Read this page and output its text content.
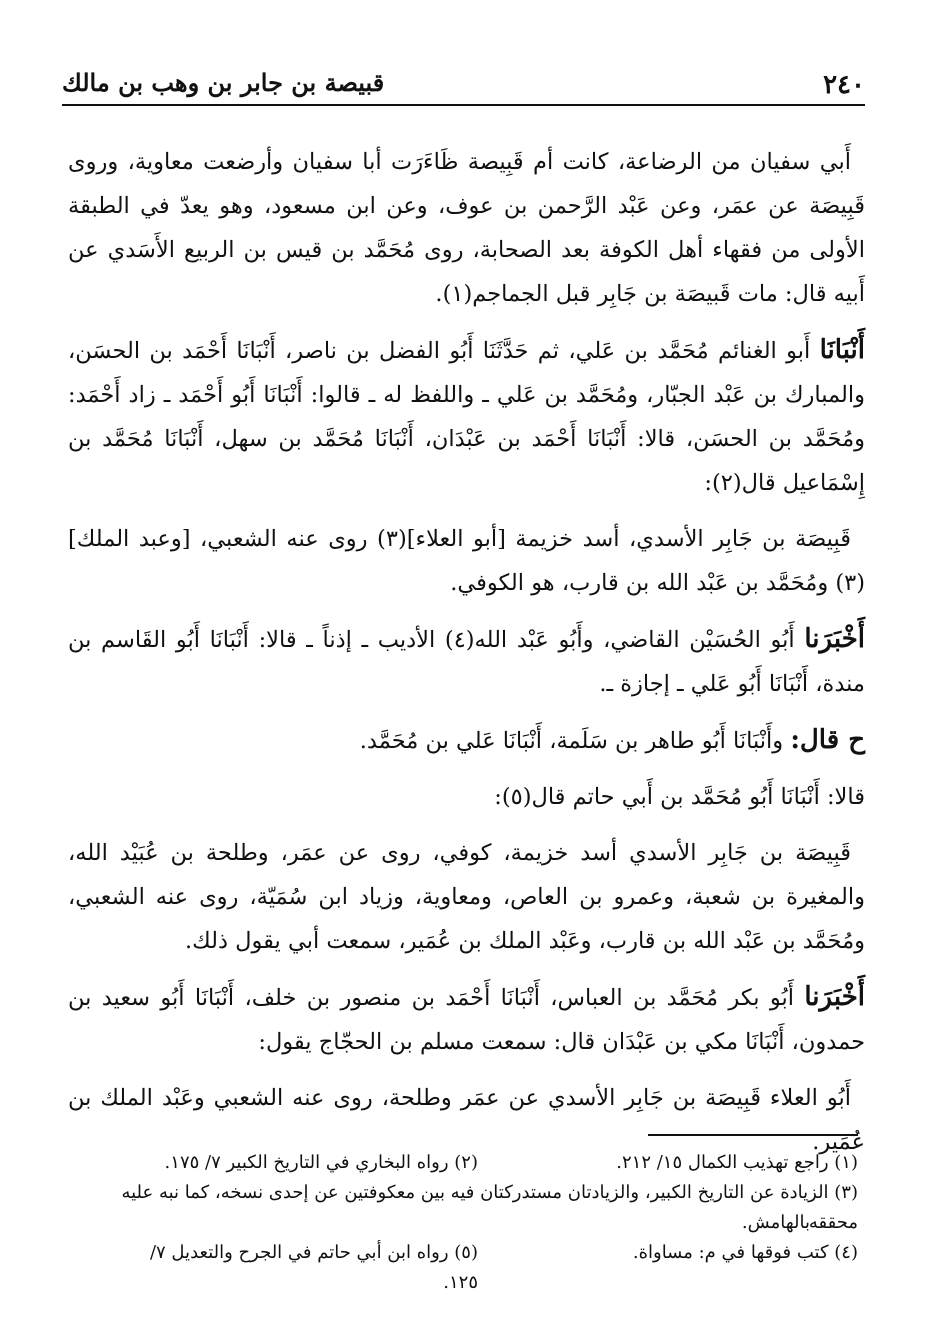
٢٤٠
قبيصة بن جابر بن وهب بن مالك

أَبي سفيان من الرضاعة، كانت أم قَبِيصة ظَاءَرَت أبا سفيان وأرضعت معاوية، وروى قَبِيصَة عن عمَر، وعن عَبْد الرَّحمن بن عوف، وعن ابن مسعود، وهو يعدّ في الطبقة الأولى من فقهاء أهل الكوفة بعد الصحابة، روى مُحَمَّد بن قيس بن الربيع الأَسَدي عن أَبيه قال: مات قَبيصَة بن جَابِر قبل الجماجم(١).

أَنْبَانَا أَبو الغنائم مُحَمَّد بن عَلي، ثم حَدَّثَنَا أَبُو الفضل بن ناصر، أَنْبَانَا أَحْمَد بن الحسَن، والمبارك بن عَبْد الجبّار، ومُحَمَّد بن عَلي ـ واللفظ له ـ قالوا: أَنْبَانَا أَبُو أَحْمَد ـ زاد أَحْمَد: ومُحَمَّد بن الحسَن، قالا: أَنْبَانَا أَحْمَد بن عَبْدَان، أَنْبَانَا مُحَمَّد بن سهل، أَنْبَانَا مُحَمَّد بن إِسْمَاعيل قال(٢):

قَبِيصَة بن جَابِر الأسدي، أسد خزيمة [أبو العلاء](٣) روى عنه الشعبي، [وعبد الملك](٣) ومُحَمَّد بن عَبْد الله بن قارب، هو الكوفي.

أَخْبَرَنا أَبُو الحُسَيْن القاضي، وأَبُو عَبْد الله(٤) الأديب ـ إذناً ـ قالا: أَنْبَانَا أَبُو القَاسم بن مندة، أَنْبَانَا أَبُو عَلي ـ إجازة ـ.

ح قال: وأَنْبَانَا أَبُو طاهر بن سَلَمة، أَنْبَانَا عَلي بن مُحَمَّد.

قالا: أَنْبَانَا أَبُو مُحَمَّد بن أَبي حاتم قال(٥):

قَبِيصَة بن جَابِر الأسدي أسد خزيمة، كوفي، روى عن عمَر، وطلحة بن عُبَيْد الله، والمغيرة بن شعبة، وعمرو بن العاص، ومعاوية، وزياد ابن سُمَيّة، روى عنه الشعبي، ومُحَمَّد بن عَبْد الله بن قارب، وعَبْد الملك بن عُمَير، سمعت أبي يقول ذلك.

أَخْبَرَنا أَبُو بكر مُحَمَّد بن العباس، أَنْبَانَا أَحْمَد بن منصور بن خلف، أَنْبَانَا أَبُو سعيد بن حمدون، أَنْبَانَا مكي بن عَبْدَان قال: سمعت مسلم بن الحجّاج يقول:

أَبُو العلاء قَبِيصَة بن جَابِر الأسدي عن عمَر وطلحة، روى عنه الشعبي وعَبْد الملك بن عُمَير.

(١) راجع تهذيب الكمال ١٥/ ٢١٢.
(٢) رواه البخاري في التاريخ الكبير ٧/ ١٧٥.
(٣) الزيادة عن التاريخ الكبير، والزيادتان مستدركتان فيه بين معكوفتين عن إحدى نسخه، كما نبه عليه محققه
بالهامش.
(٤) كتب فوقها في م: مساواة.
(٥) رواه ابن أبي حاتم في الجرح والتعديل ٧/ ١٢٥.
